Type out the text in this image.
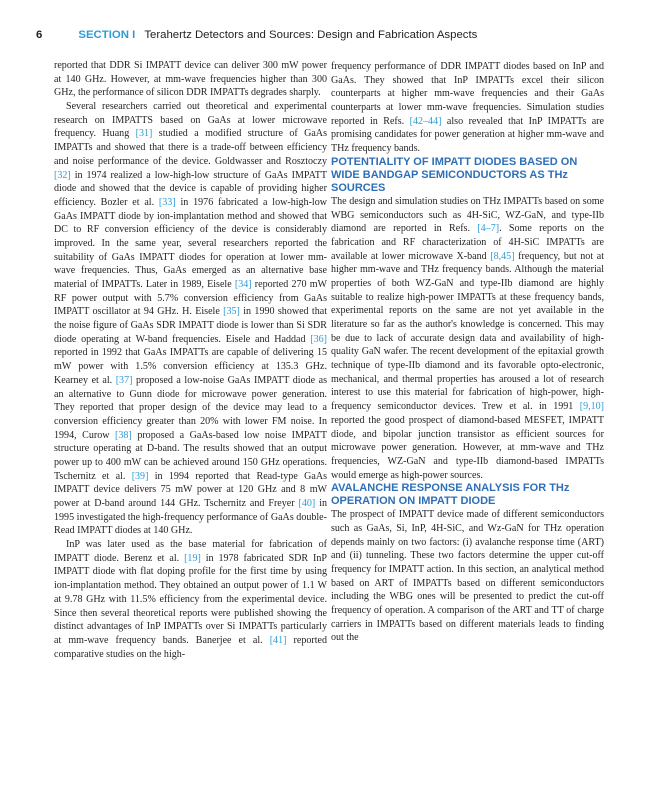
6	SECTION I Terahertz Detectors and Sources: Design and Fabrication Aspects

reported that DDR Si IMPATT device can deliver 300 mW power at 140 GHz. However, at mm-wave frequencies higher than 300 GHz, the performance of silicon DDR IMPATTs degrades sharply.

Several researchers carried out theoretical and experimental research on IMPATTS based on GaAs at lower microwave frequency. Huang [31] studied a modified structure of GaAs IMPATTs and showed that there is a trade-off between efficiency and noise performance of the device. Goldwasser and Rosztoczy [32] in 1974 realized a low-high-low structure of GaAs IMPATT diode and showed that the device is capable of providing higher efficiency. Bozler et al. [33] in 1976 fabricated a low-high-low GaAs IMPATT diode by ion-implantation method and showed that DC to RF conversion efficiency of the device is considerably improved. In the same year, several researchers reported the suitability of GaAs IMPATT diodes for operation at lower mm-wave frequencies. Thus, GaAs emerged as an alternative base material of IMPATTs. Later in 1989, Eisele [34] reported 270 mW RF power output with 5.7% conversion efficiency from GaAs IMPATT oscillator at 94 GHz. H. Eisele [35] in 1990 showed that the noise figure of GaAs SDR IMPATT diode is lower than Si SDR diode operating at W-band frequencies. Eisele and Haddad [36] reported in 1992 that GaAs IMPATTs are capable of delivering 15 mW power with 1.5% conversion efficiency at 135.3 GHz. Kearney et al. [37] proposed a low-noise GaAs IMPATT diode as an alternative to Gunn diode for microwave power generation. They reported that proper design of the device may lead to a conversion efficiency greater than 20% with lower FM noise. In 1994, Curow [38] proposed a GaAs-based low noise IMPATT structure operating at D-band. The results showed that an output power up to 400 mW can be achieved around 150 GHz operations. Tschernitz et al. [39] in 1994 reported that Read-type GaAs IMPATT device delivers 75 mW power at 120 GHz and 8 mW power at D-band around 144 GHz. Tschernitz and Freyer [40] in 1995 investigated the high-frequency performance of GaAs double-Read IMPATT diodes at 140 GHz.

InP was later used as the base material for fabrication of IMPATT diode. Berenz et al. [19] in 1978 fabricated SDR InP IMPATT diode with flat doping profile for the first time by using ion-implantation method. They obtained an output power of 1.1 W at 9.78 GHz with 11.5% efficiency from the experimental device. Since then several theoretical reports were published showing the distinct advantages of InP IMPATTs over Si IMPATTs particularly at mm-wave frequency bands. Banerjee et al. [41] reported comparative studies on the high-

frequency performance of DDR IMPATT diodes based on InP and GaAs. They showed that InP IMPATTs excel their silicon counterparts at higher mm-wave frequencies and their GaAs counterparts at lower mm-wave frequencies. Simulation studies reported in Refs. [42–44] also revealed that InP IMPATTs are promising candidates for power generation at higher mm-wave and THz frequency bands.

POTENTIALITY OF IMPATT DIODES BASED ON WIDE BANDGAP SEMICONDUCTORS AS THz SOURCES

The design and simulation studies on THz IMPATTs based on some WBG semiconductors such as 4H-SiC, WZ-GaN, and type-IIb diamond are reported in Refs. [4–7]. Some reports on the fabrication and RF characterization of 4H-SiC IMPATTs are available at lower microwave X-band [8,45] frequency, but not at higher mm-wave and THz frequency bands. Although the material properties of both WZ-GaN and type-IIb diamond are highly suitable to realize high-power IMPATTs at these frequency bands, experimental reports on the same are not yet available in the literature so far as the author's knowledge is concerned. This may be due to lack of accurate design data and availability of high-quality GaN wafer. The recent development of the epitaxial growth technique of type-IIb diamond and its favorable opto-electronic, mechanical, and thermal properties has aroused a lot of research interest to use this material for fabrication of high-power, high-frequency semiconductor devices. Trew et al. in 1991 [9,10] reported the good prospect of diamond-based MESFET, IMPATT diode, and bipolar junction transistor as efficient sources for microwave power generation. However, at mm-wave and THz frequencies, WZ-GaN and type-IIb diamond-based IMPATTs would emerge as high-power sources.

AVALANCHE RESPONSE ANALYSIS FOR THz OPERATION ON IMPATT DIODE

The prospect of IMPATT device made of different semiconductors such as GaAs, Si, InP, 4H-SiC, and Wz-GaN for THz operation depends mainly on two factors: (i) avalanche response time (ART) and (ii) tunneling. These two factors determine the upper cut-off frequency for IMPATT action. In this section, an analytical method based on ART of IMPATTs based on different semiconductors including the WBG ones will be presented to predict the cut-off frequency of operation. A comparison of the ART and TT of charge carriers in IMPATTs based on different materials leads to finding out the
